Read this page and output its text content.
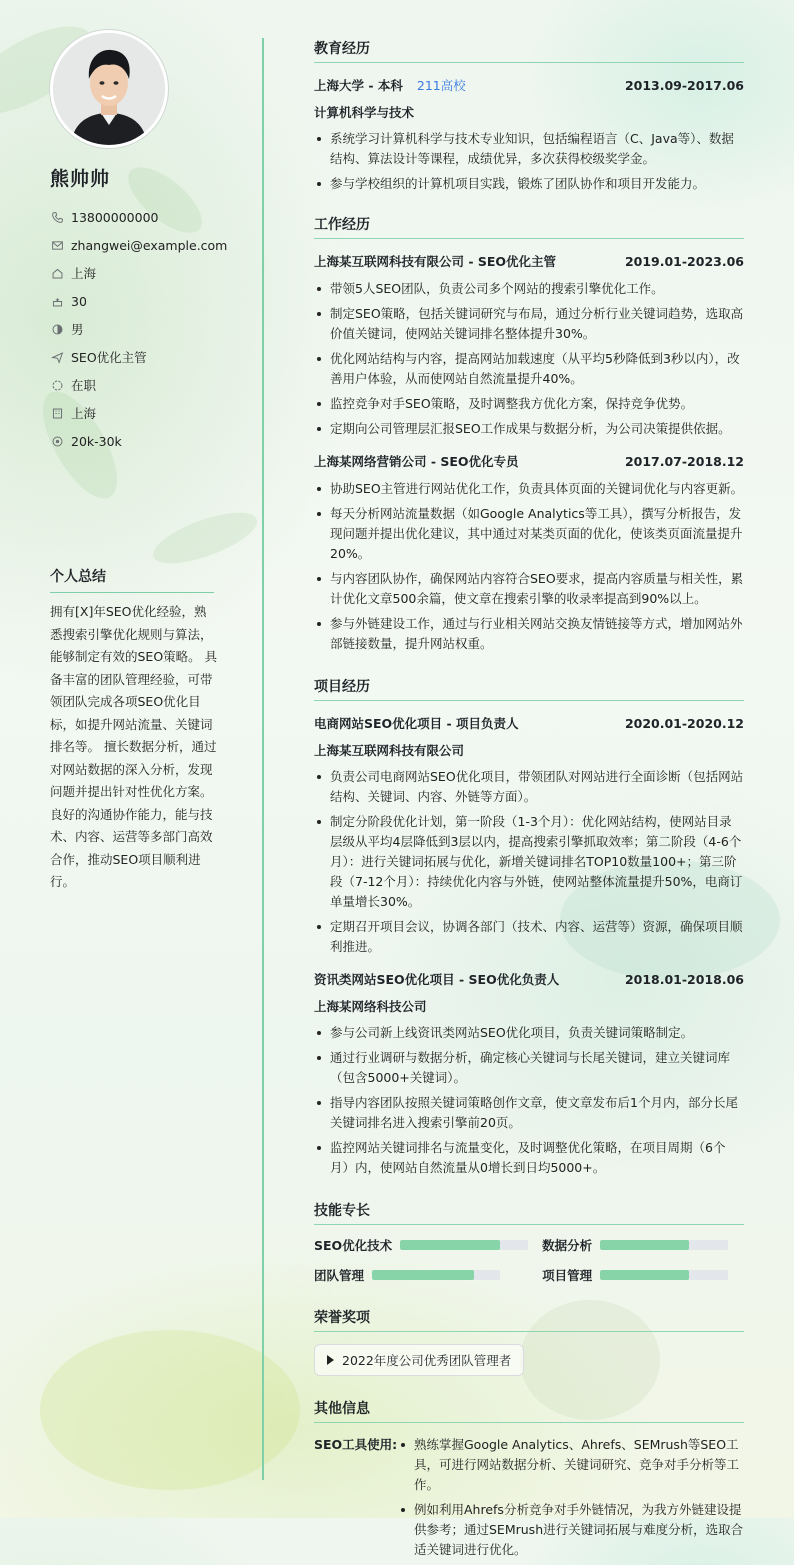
熊帅帅
13800000000
zhangwei@example.com
上海
30
男
SEO优化主管
在职
上海
20k-30k
个人总结
拥有[X]年SEO优化经验，熟悉搜索引擎优化规则与算法，能够制定有效的SEO策略。 具备丰富的团队管理经验，可带领团队完成各项SEO优化目标，如提升网站流量、关键词排名等。 擅长数据分析，通过对网站数据的深入分析，发现问题并提出针对性优化方案。 良好的沟通协作能力，能与技术、内容、运营等多部门高效合作，推动SEO项目顺利进行。
教育经历
上海大学 - 本科 211高校	2013.09-2017.06
计算机科学与技术
系统学习计算机科学与技术专业知识，包括编程语言（C、Java等）、数据结构、算法设计等课程，成绩优异，多次获得校级奖学金。
参与学校组织的计算机项目实践，锻炼了团队协作和项目开发能力。
工作经历
上海某互联网科技有限公司 - SEO优化主管	2019.01-2023.06
带领5人SEO团队，负责公司多个网站的搜索引擎优化工作。
制定SEO策略，包括关键词研究与布局，通过分析行业关键词趋势，选取高价值关键词，使网站关键词排名整体提升30%。
优化网站结构与内容，提高网站加载速度（从平均5秒降低到3秒以内），改善用户体验，从而使网站自然流量提升40%。
监控竞争对手SEO策略，及时调整我方优化方案，保持竞争优势。
定期向公司管理层汇报SEO工作成果与数据分析，为公司决策提供依据。
上海某网络营销公司 - SEO优化专员	2017.07-2018.12
协助SEO主管进行网站优化工作，负责具体页面的关键词优化与内容更新。
每天分析网站流量数据（如Google Analytics等工具），撰写分析报告，发现问题并提出优化建议，其中通过对某类页面的优化，使该类页面流量提升20%。
与内容团队协作，确保网站内容符合SEO要求，提高内容质量与相关性，累计优化文章500余篇，使文章在搜索引擎的收录率提高到90%以上。
参与外链建设工作，通过与行业相关网站交换友情链接等方式，增加网站外部链接数量，提升网站权重。
项目经历
电商网站SEO优化项目 - 项目负责人	2020.01-2020.12
上海某互联网科技有限公司
负责公司电商网站SEO优化项目，带领团队对网站进行全面诊断（包括网站结构、关键词、内容、外链等方面）。
制定分阶段优化计划，第一阶段（1-3个月）：优化网站结构，使网站目录层级从平均4层降低到3层以内，提高搜索引擎抓取效率；第二阶段（4-6个月）：进行关键词拓展与优化，新增关键词排名TOP10数量100+；第三阶段（7-12个月）：持续优化内容与外链，使网站整体流量提升50%，电商订单量增长30%。
定期召开项目会议，协调各部门（技术、内容、运营等）资源，确保项目顺利推进。
资讯类网站SEO优化项目 - SEO优化负责人	2018.01-2018.06
上海某网络科技公司
参与公司新上线资讯类网站SEO优化项目，负责关键词策略制定。
通过行业调研与数据分析，确定核心关键词与长尾关键词，建立关键词库（包含5000+关键词）。
指导内容团队按照关键词策略创作文章，使文章发布后1个月内，部分长尾关键词排名进入搜索引擎前20页。
监控网站关键词排名与流量变化，及时调整优化策略，在项目周期（6个月）内，使网站自然流量从0增长到日均5000+。
技能专长
SEO优化技术	数据分析
团队管理	项目管理
荣誉奖项
2022年度公司优秀团队管理者
其他信息
SEO工具使用:	熟练掌握Google Analytics、Ahrefs、SEMrush等SEO工具，可进行网站数据分析、关键词研究、竞争对手分析等工作。
例如利用Ahrefs分析竞争对手外链情况，为我方外链建设提供参考；通过SEMrush进行关键词拓展与难度分析，选取合适关键词进行优化。
